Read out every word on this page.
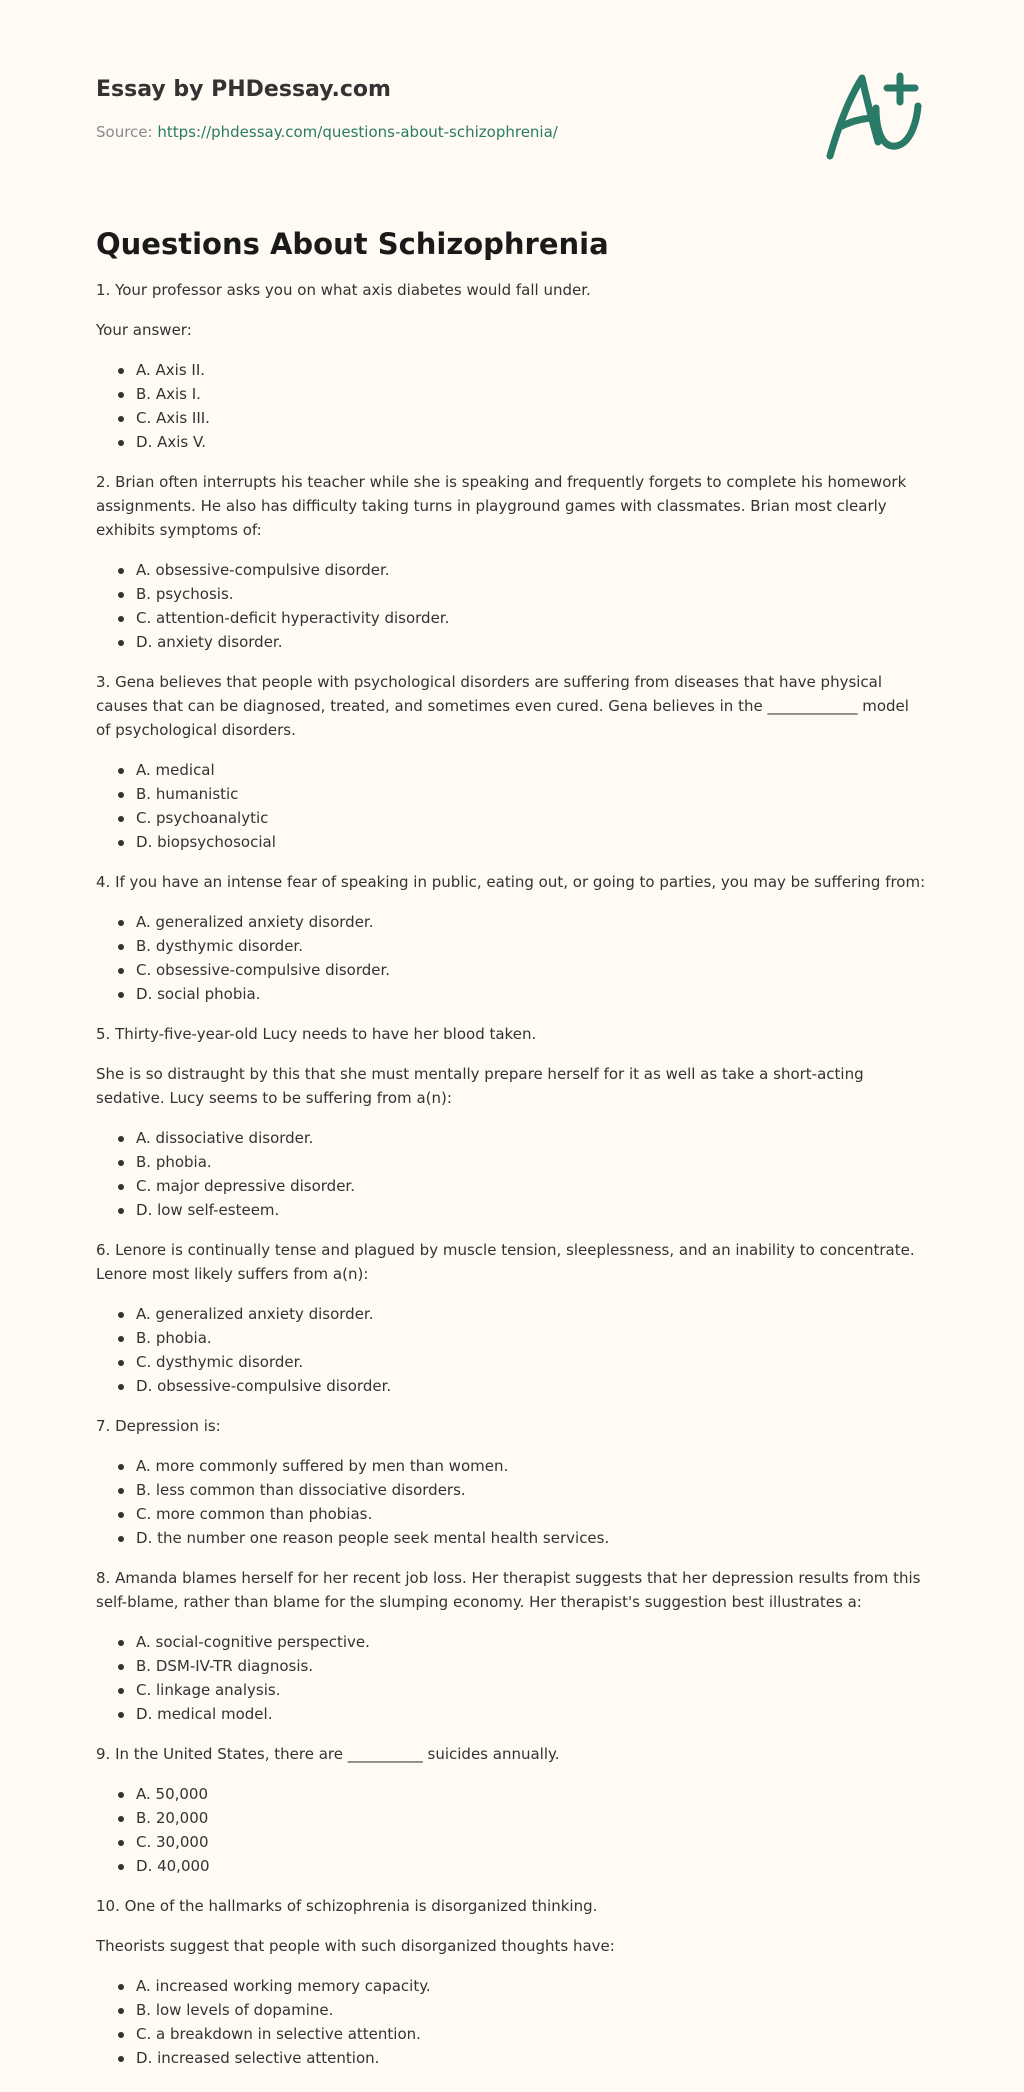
Essay by PHDessay.com
Source: https://phdessay.com/questions-about-schizophrenia/
Questions About Schizophrenia

1. Your professor asks you on what axis diabetes would fall under.

Your answer:

A. Axis II.
B. Axis I.
C. Axis III.
D. Axis V.

2. Brian often interrupts his teacher while she is speaking and frequently forgets to complete his homework assignments. He also has difficulty taking turns in playground games with classmates. Brian most clearly exhibits symptoms of:

A. obsessive-compulsive disorder.
B. psychosis.
C. attention-deficit hyperactivity disorder.
D. anxiety disorder.

3. Gena believes that people with psychological disorders are suffering from diseases that have physical causes that can be diagnosed, treated, and sometimes even cured. Gena believes in the ____________ model of psychological disorders.

A. medical
B. humanistic
C. psychoanalytic
D. biopsychosocial

4. If you have an intense fear of speaking in public, eating out, or going to parties, you may be suffering from:

A. generalized anxiety disorder.
B. dysthymic disorder.
C. obsessive-compulsive disorder.
D. social phobia.

5. Thirty-five-year-old Lucy needs to have her blood taken.

She is so distraught by this that she must mentally prepare herself for it as well as take a short-acting sedative. Lucy seems to be suffering from a(n):

A. dissociative disorder.
B. phobia.
C. major depressive disorder.
D. low self-esteem.

6. Lenore is continually tense and plagued by muscle tension, sleeplessness, and an inability to concentrate. Lenore most likely suffers from a(n):

A. generalized anxiety disorder.
B. phobia.
C. dysthymic disorder.
D. obsessive-compulsive disorder.

7. Depression is:

A. more commonly suffered by men than women.
B. less common than dissociative disorders.
C. more common than phobias.
D. the number one reason people seek mental health services.

8. Amanda blames herself for her recent job loss. Her therapist suggests that her depression results from this self-blame, rather than blame for the slumping economy. Her therapist's suggestion best illustrates a:

A. social-cognitive perspective.
B. DSM-IV-TR diagnosis.
C. linkage analysis.
D. medical model.

9. In the United States, there are __________ suicides annually.

A. 50,000
B. 20,000
C. 30,000
D. 40,000

10. One of the hallmarks of schizophrenia is disorganized thinking.

Theorists suggest that people with such disorganized thoughts have:

A. increased working memory capacity.
B. low levels of dopamine.
C. a breakdown in selective attention.
D. increased selective attention.
